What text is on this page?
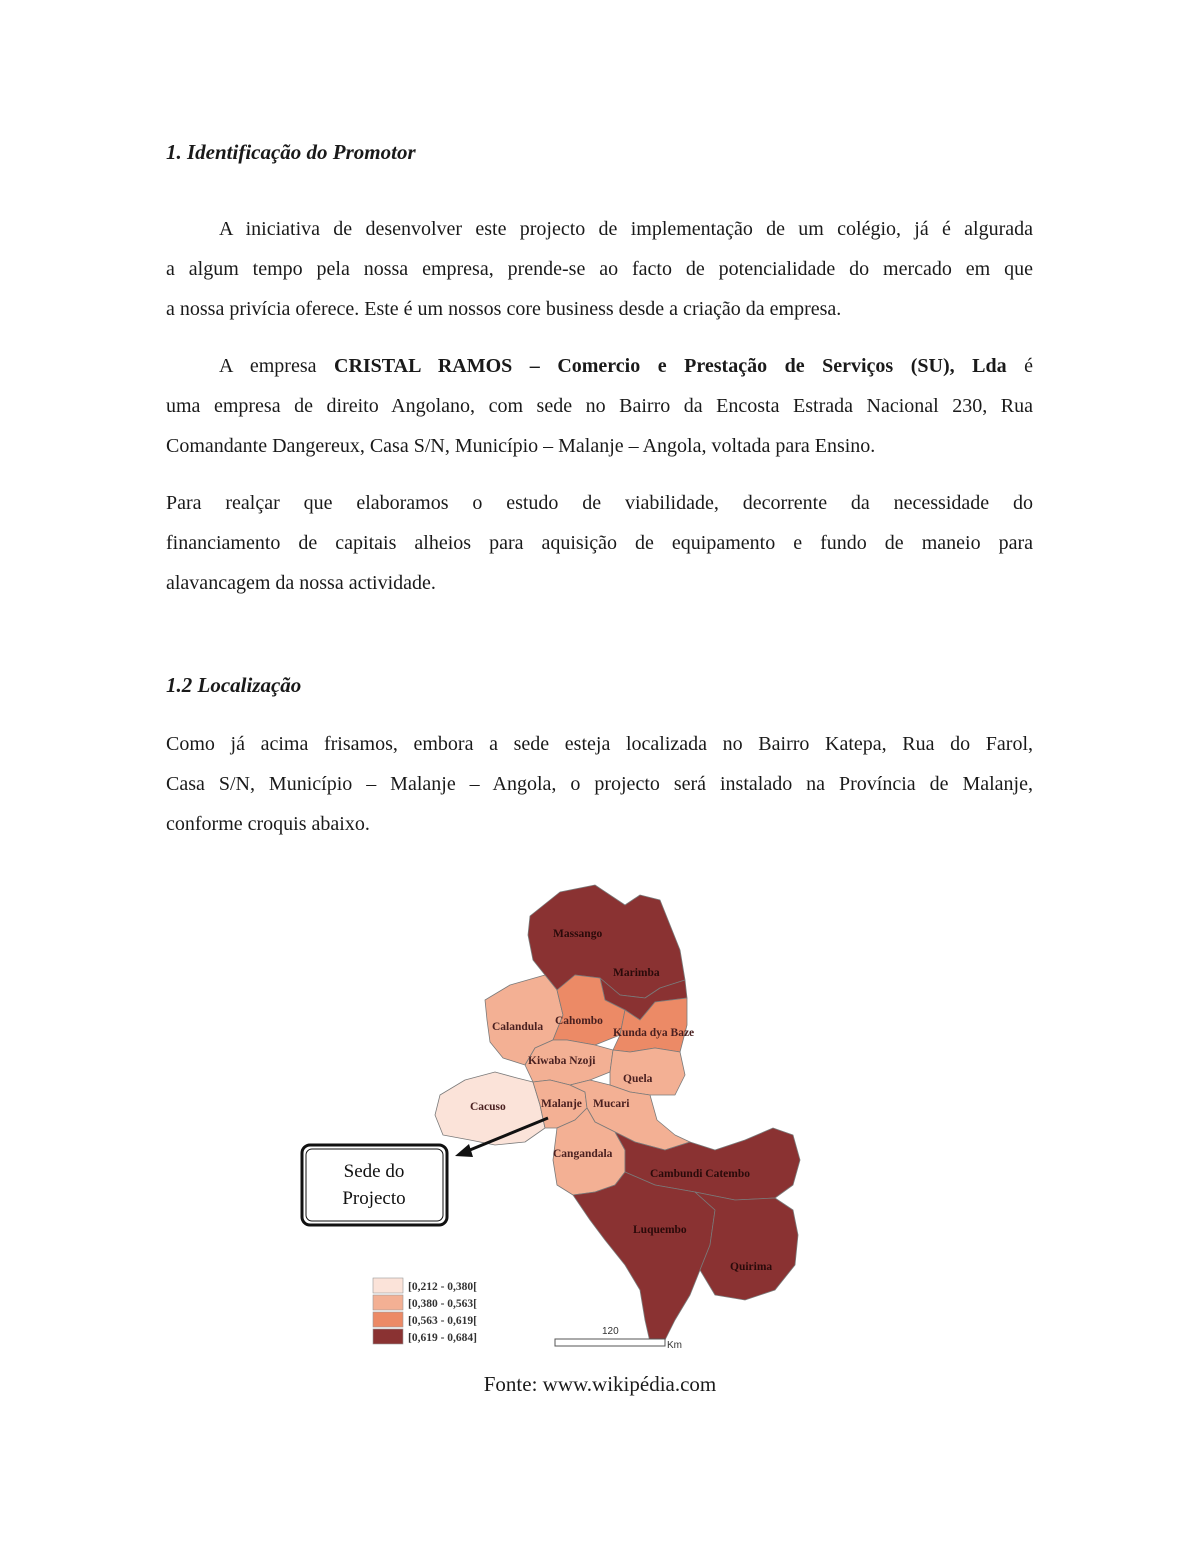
1. Identificação do Promotor
A iniciativa de desenvolver este projecto de implementação de um colégio, já é algurada
a algum tempo pela nossa empresa, prende-se ao facto de potencialidade do mercado em que
a nossa privícia oferece. Este é um nossos core business desde a criação da empresa.
A empresa CRISTAL RAMOS – Comercio e Prestação de Serviços (SU), Lda é
uma empresa de direito Angolano, com sede no Bairro da Encosta Estrada Nacional 230, Rua
Comandante Dangereux, Casa S/N, Município – Malanje – Angola, voltada para Ensino.
Para realçar que elaboramos o estudo de viabilidade, decorrente da necessidade do
financiamento de capitais alheios para aquisição de equipamento e fundo de maneio para
alavancagem da nossa actividade.
1.2 Localização
Como já acima frisamos, embora a sede esteja localizada no Bairro Katepa, Rua do Farol,
Casa S/N, Município – Malanje – Angola, o projecto será instalado na Província de Malanje,
conforme croquis abaixo.
Massango
Marimba
Calandula Cahombo
Kunda dya Baze
Kiwaba Nzoji
Quela
Cacuso	Malanje Mucari
Cangandala
Cambundi Catembo
Luquembo
Quirima
Sede do
Projecto
[0,212 - 0,380[
[0,380 - 0,563[
[0,563 - 0,619[
[0,619 - 0,684]
120
Km
Fonte: www.wikipédia.com
